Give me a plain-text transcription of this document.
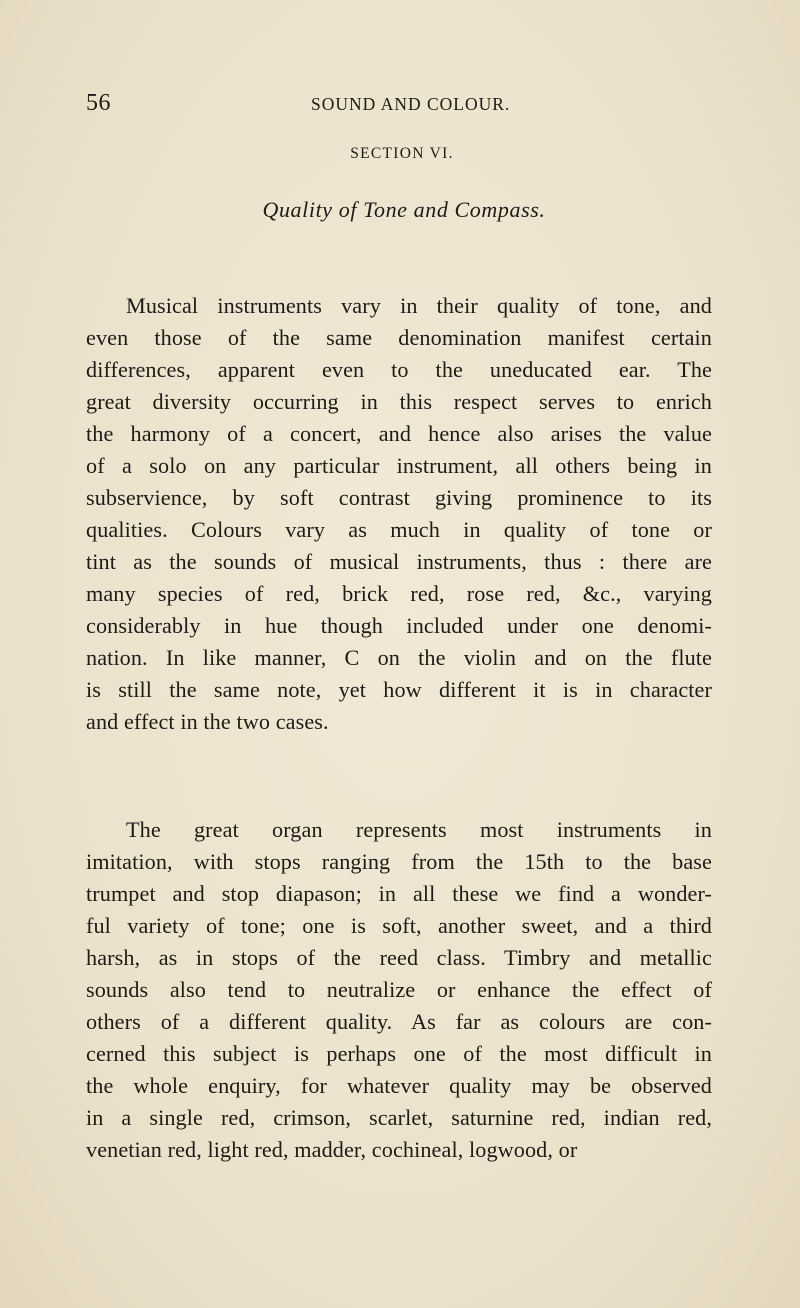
56	SOUND AND COLOUR.
SECTION VI.
Quality of Tone and Compass.
Musical instruments vary in their quality of tone, and
even those of the same denomination manifest certain
differences, apparent even to the uneducated ear. The
great diversity occurring in this respect serves to enrich
the harmony of a concert, and hence also arises the value
of a solo on any particular instrument, all others being in
subservience, by soft contrast giving prominence to its
qualities. Colours vary as much in quality of tone or
tint as the sounds of musical instruments, thus : there are
many species of red, brick red, rose red, &c., varying
considerably in hue though included under one denomi-
nation. In like manner, C on the violin and on the flute
is still the same note, yet how different it is in character
and effect in the two cases.
The great organ represents most instruments in
imitation, with stops ranging from the 15th to the base
trumpet and stop diapason; in all these we find a wonder-
ful variety of tone; one is soft, another sweet, and a third
harsh, as in stops of the reed class. Timbry and metallic
sounds also tend to neutralize or enhance the effect of
others of a different quality. As far as colours are con-
cerned this subject is perhaps one of the most difficult in
the whole enquiry, for whatever quality may be observed
in a single red, crimson, scarlet, saturnine red, indian red,
venetian red, light red, madder, cochineal, logwood, or
